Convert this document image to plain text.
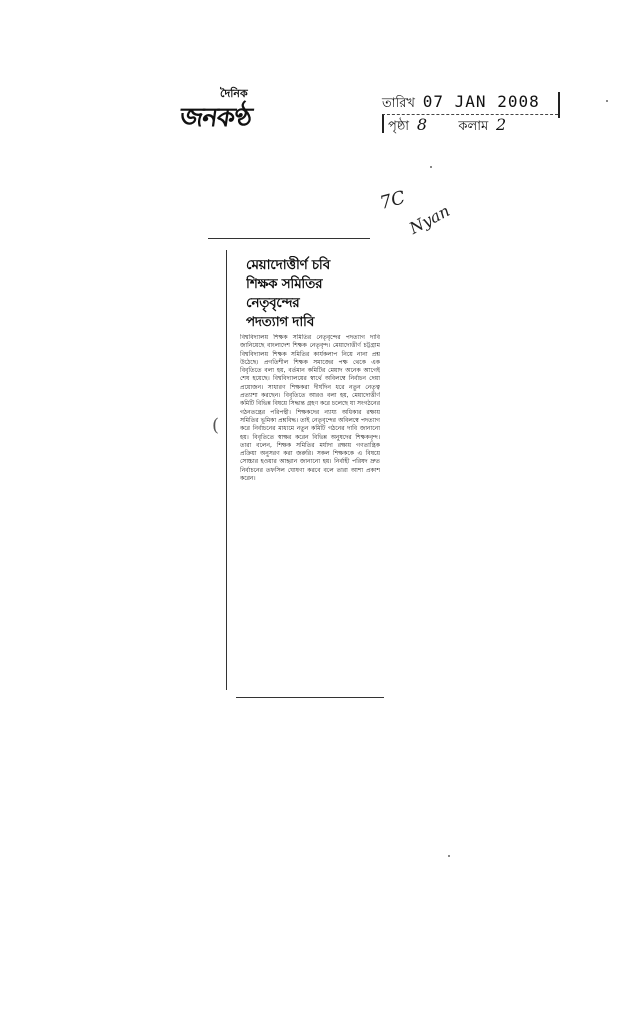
দৈনিক
জনকণ্ঠ	তারিখ 07 JAN 2008
পৃষ্ঠা 8 কলাম 2
7C
Nyan
মেয়াদোত্তীর্ণ চবি
শিক্ষক সমিতির
নেতৃবৃন্দের
পদত্যাগ দাবি

বিশ্ববিদ্যালয় শিক্ষক সমিতির নেতৃবৃন্দের পদত্যাগ দাবি জানিয়েছে বাংলাদেশ শিক্ষক নেতৃবৃন্দ। মেয়াদোত্তীর্ণ চট্টগ্রাম বিশ্ববিদ্যালয় শিক্ষক সমিতির কার্যকলাপ নিয়ে নানা প্রশ্ন উঠেছে। প্রগতিশীল শিক্ষক সমাজের পক্ষ থেকে এক বিবৃতিতে বলা হয়, বর্তমান কমিটির মেয়াদ অনেক আগেই শেষ হয়েছে। বিশ্ববিদ্যালয়ের স্বার্থে অবিলম্বে নির্বাচন দেয়া প্রয়োজন। সাধারণ শিক্ষকরা দীর্ঘদিন ধরে নতুন নেতৃত্ব প্রত্যাশা করছেন। বিবৃতিতে আরও বলা হয়, মেয়াদোত্তীর্ণ কমিটি বিভিন্ন বিষয়ে সিদ্ধান্ত গ্রহণ করে চলেছে যা সংগঠনের গঠনতন্ত্রের পরিপন্থী। শিক্ষকদের ন্যায্য অধিকার রক্ষায় সমিতির ভূমিকা প্রশ্নবিদ্ধ। তাই নেতৃবৃন্দের অবিলম্বে পদত্যাগ করে নির্বাচনের মাধ্যমে নতুন কমিটি গঠনের দাবি জানানো হয়। বিবৃতিতে স্বাক্ষর করেন বিভিন্ন অনুষদের শিক্ষকবৃন্দ। তারা বলেন, শিক্ষক সমিতির মর্যাদা রক্ষায় গণতান্ত্রিক প্রক্রিয়া অনুসরণ করা জরুরি। সকল শিক্ষককে এ বিষয়ে সোচ্চার হওয়ার আহ্বান জানানো হয়। নির্বাহী পরিষদ দ্রুত নির্বাচনের তফসিল ঘোষণা করবে বলে তারা আশা প্রকাশ করেন।

(
